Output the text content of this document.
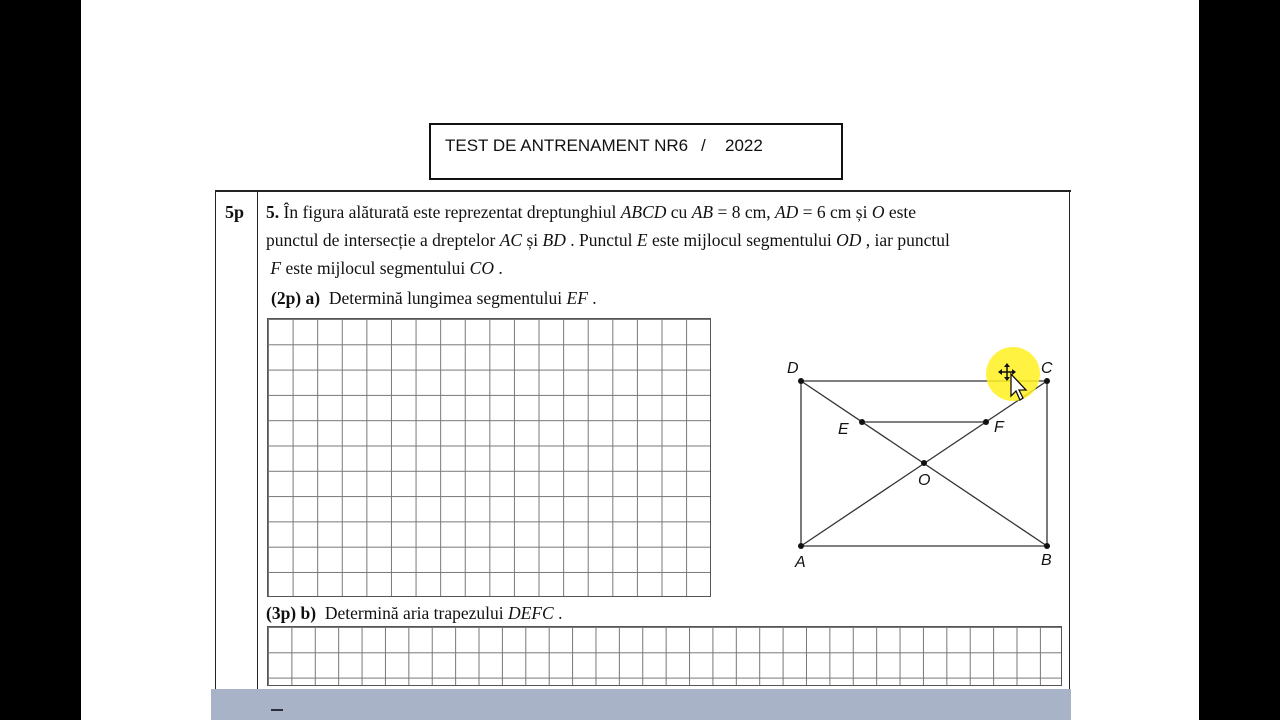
TEST DE ANTRENAMENT NR6 / 2022
5p 5. În figura alăturată este reprezentat dreptunghiul ABCD cu AB = 8 cm, AD = 6 cm și O este
punctul de intersecție a dreptelor AC și BD . Punctul E este mijlocul segmentului OD , iar punctul
F este mijlocul segmentului CO .
(2p) a) Determină lungimea segmentului EF .
D	C
A	B
E	F
O
(3p) b) Determină aria trapezului DEFC .
